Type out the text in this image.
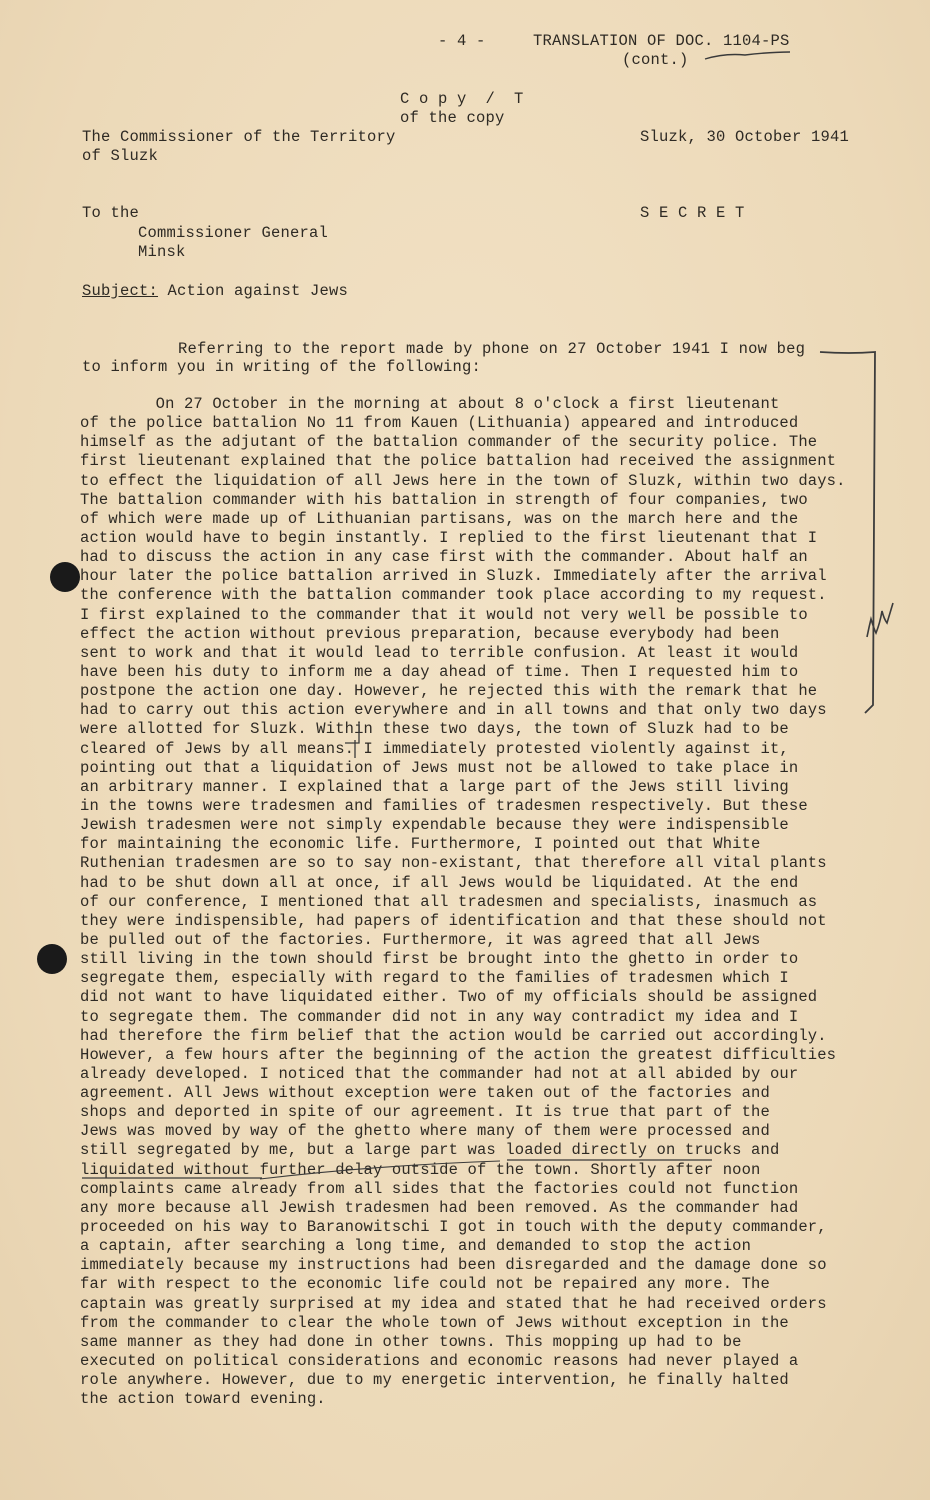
- 4 -	TRANSLATION OF DOC. 1104-PS
(cont.)
C o p y  /  T
of the copy
The Commissioner of the Territory
of Sluzk
Sluzk, 30 October 1941
To the
Commissioner General
Minsk
S E C R E T
Subject: Action against Jews
Referring to the report made by phone on 27 October 1941 I now beg
to inform you in writing of the following:
On 27 October in the morning at about 8 o'clock a first lieutenant
of the police battalion No 11 from Kauen (Lithuania) appeared and introduced
himself as the adjutant of the battalion commander of the security police. The
first lieutenant explained that the police battalion had received the assignment
to effect the liquidation of all Jews here in the town of Sluzk, within two days.
The battalion commander with his battalion in strength of four companies, two
of which were made up of Lithuanian partisans, was on the march here and the
action would have to begin instantly. I replied to the first lieutenant that I
had to discuss the action in any case first with the commander. About half an
hour later the police battalion arrived in Sluzk. Immediately after the arrival
the conference with the battalion commander took place according to my request.
I first explained to the commander that it would not very well be possible to
effect the action without previous preparation, because everybody had been
sent to work and that it would lead to terrible confusion. At least it would
have been his duty to inform me a day ahead of time. Then I requested him to
postpone the action one day. However, he rejected this with the remark that he
had to carry out this action everywhere and in all towns and that only two days
were allotted for Sluzk. Within these two days, the town of Sluzk had to be
cleared of Jews by all means. I immediately protested violently against it,
pointing out that a liquidation of Jews must not be allowed to take place in
an arbitrary manner. I explained that a large part of the Jews still living
in the towns were tradesmen and families of tradesmen respectively. But these
Jewish tradesmen were not simply expendable because they were indispensible
for maintaining the economic life. Furthermore, I pointed out that White
Ruthenian tradesmen are so to say non-existant, that therefore all vital plants
had to be shut down all at once, if all Jews would be liquidated. At the end
of our conference, I mentioned that all tradesmen and specialists, inasmuch as
they were indispensible, had papers of identification and that these should not
be pulled out of the factories. Furthermore, it was agreed that all Jews
still living in the town should first be brought into the ghetto in order to
segregate them, especially with regard to the families of tradesmen which I
did not want to have liquidated either. Two of my officials should be assigned
to segregate them. The commander did not in any way contradict my idea and I
had therefore the firm belief that the action would be carried out accordingly.
However, a few hours after the beginning of the action the greatest difficulties
already developed. I noticed that the commander had not at all abided by our
agreement. All Jews without exception were taken out of the factories and
shops and deported in spite of our agreement. It is true that part of the
Jews was moved by way of the ghetto where many of them were processed and
still segregated by me, but a large part was loaded directly on trucks and
liquidated without further delay outside of the town. Shortly after noon
complaints came already from all sides that the factories could not function
any more because all Jewish tradesmen had been removed. As the commander had
proceeded on his way to Baranowitschi I got in touch with the deputy commander,
a captain, after searching a long time, and demanded to stop the action
immediately because my instructions had been disregarded and the damage done so
far with respect to the economic life could not be repaired any more. The
captain was greatly surprised at my idea and stated that he had received orders
from the commander to clear the whole town of Jews without exception in the
same manner as they had done in other towns. This mopping up had to be
executed on political considerations and economic reasons had never played a
role anywhere. However, due to my energetic intervention, he finally halted
the action toward evening.
